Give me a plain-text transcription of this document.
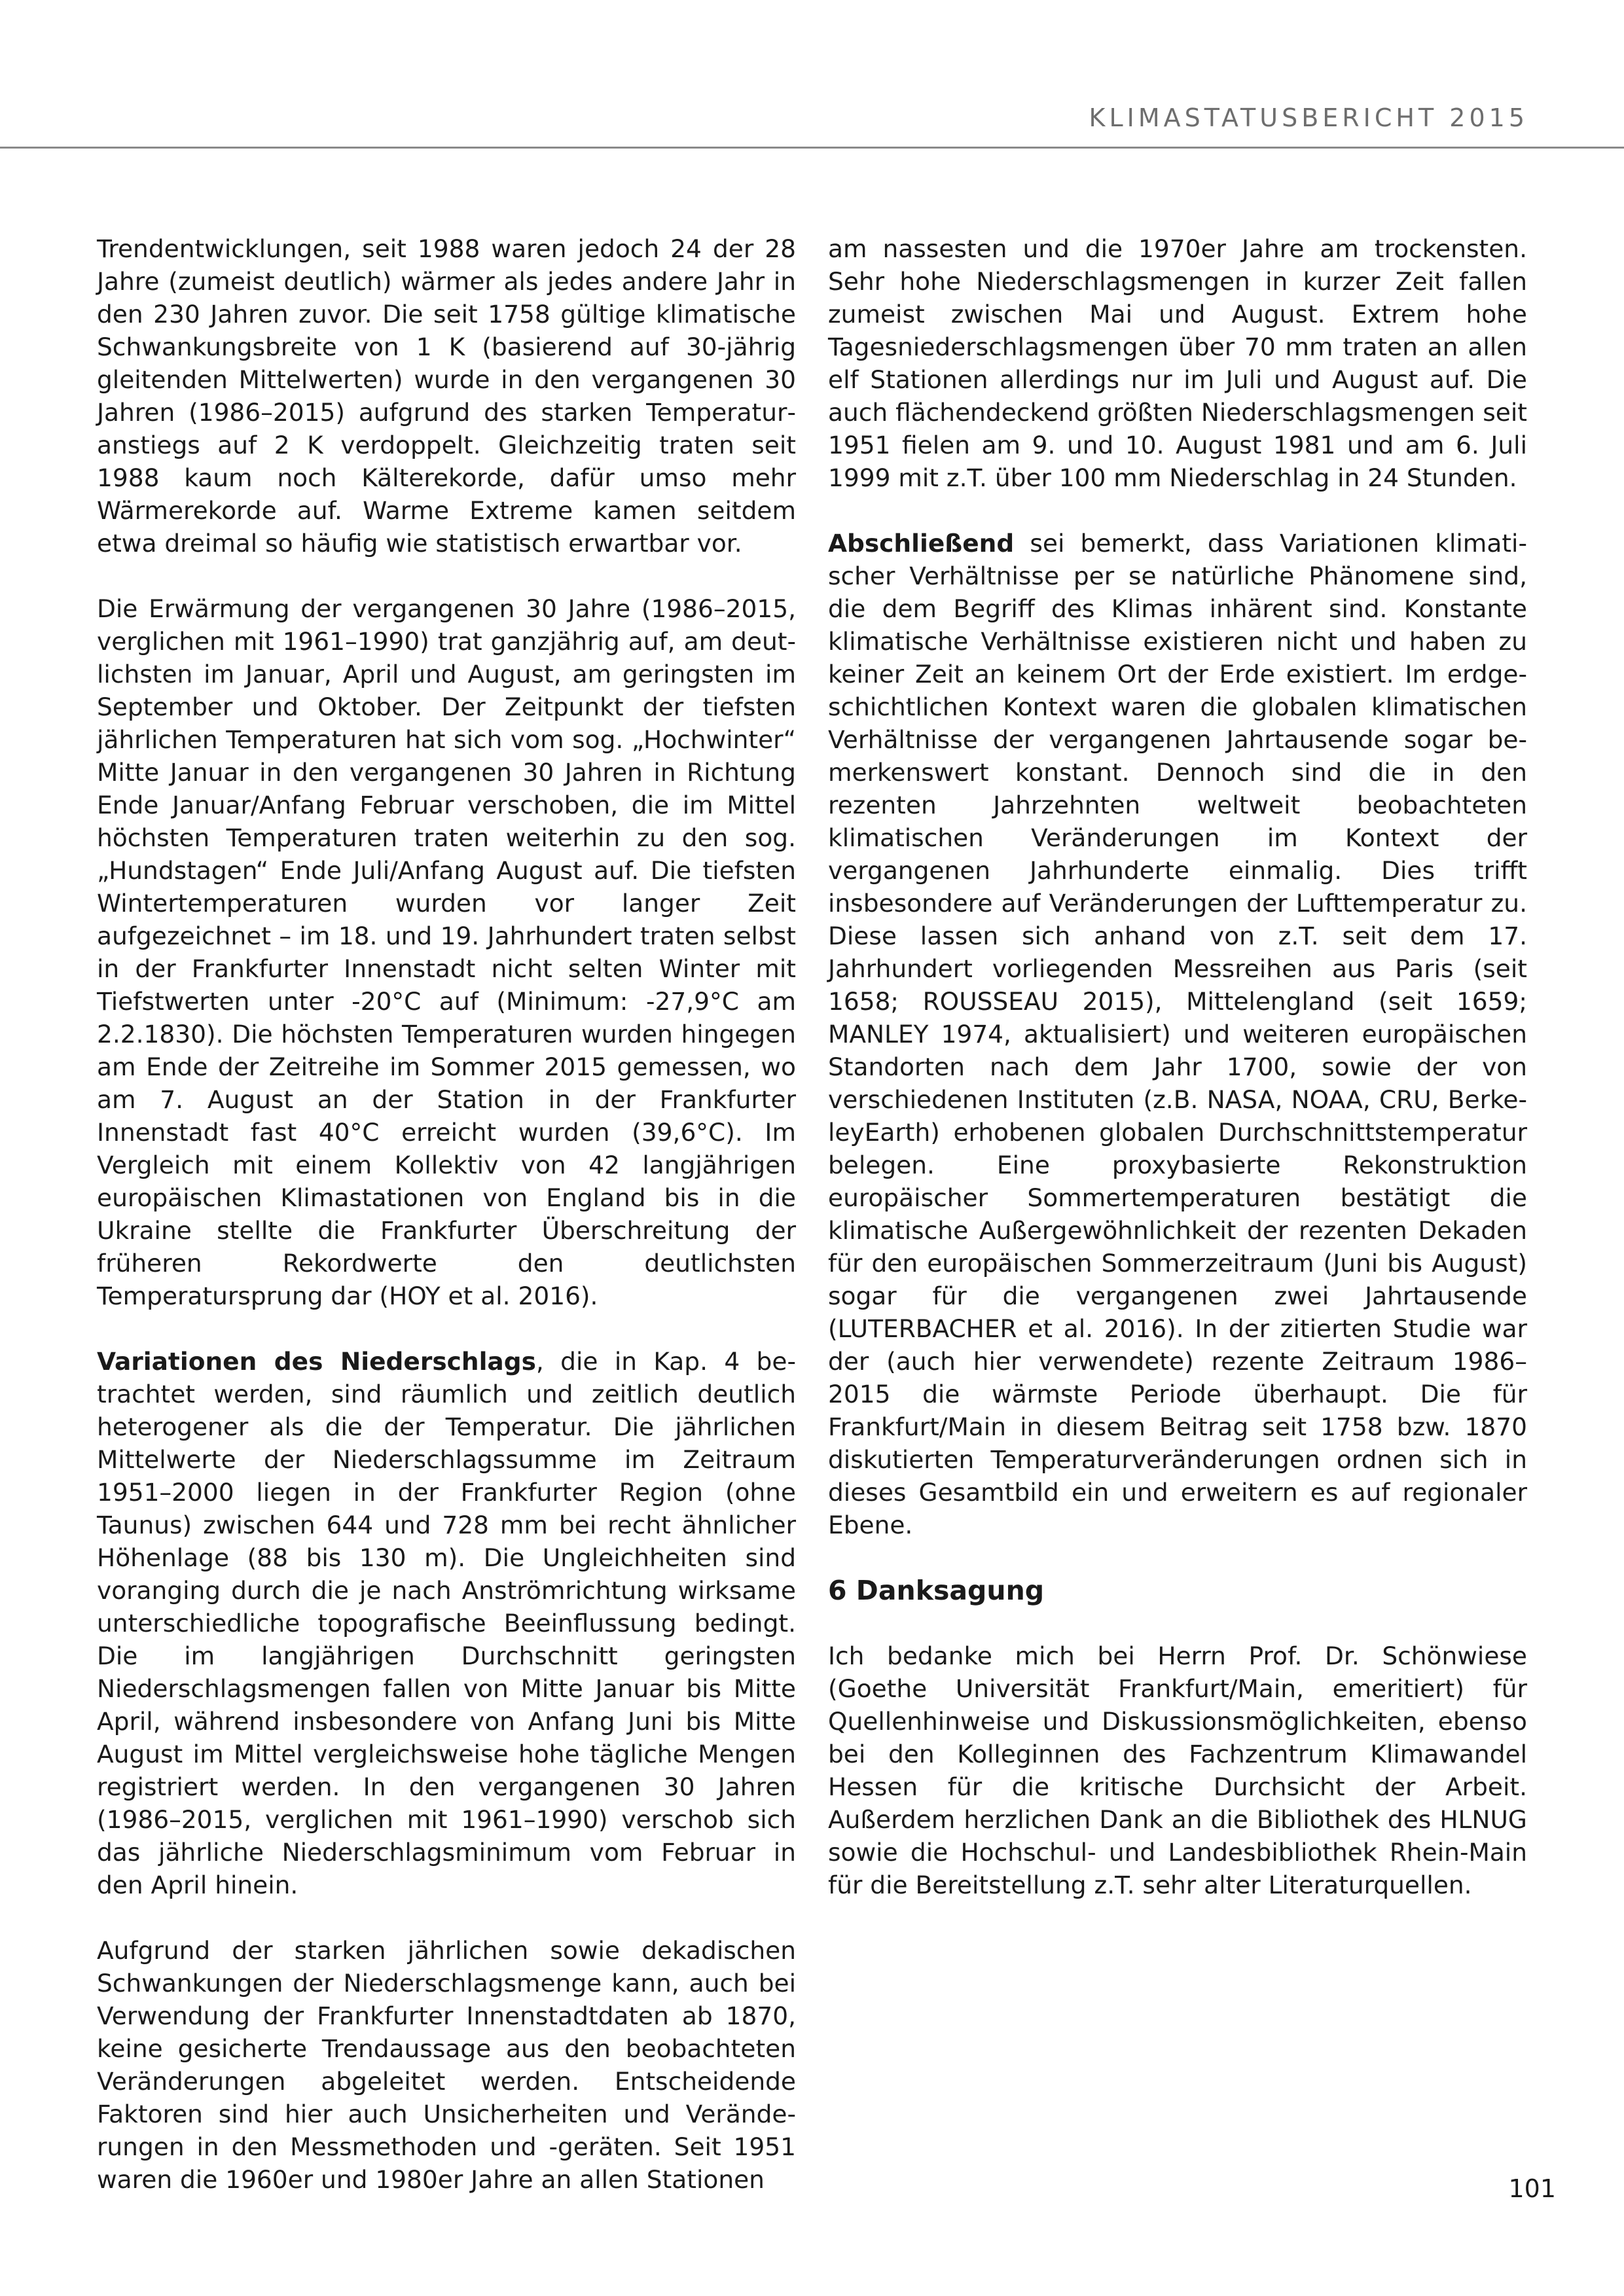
KLIMASTATUSBERICHT 2015

Trendentwicklungen, seit 1988 waren jedoch 24 der 28 Jahre (zumeist deutlich) wärmer als jedes andere Jahr in den 230 Jahren zuvor. Die seit 1758 gültige klimatische Schwankungsbreite von 1 K (basierend auf 30-jährig gleitenden Mittelwerten) wurde in den vergangenen 30 Jahren (1986–2015) aufgrund des starken Temperaturanstiegs auf 2 K verdoppelt. Gleichzeitig traten seit 1988 kaum noch Kälterekorde, dafür umso mehr Wärmerekorde auf. Warme Extreme kamen seitdem etwa dreimal so häufig wie statistisch erwartbar vor.

Die Erwärmung der vergangenen 30 Jahre (1986–2015, verglichen mit 1961–1990) trat ganzjährig auf, am deutlichsten im Januar, April und August, am geringsten im September und Oktober. Der Zeitpunkt der tiefsten jährlichen Temperaturen hat sich vom sog. „Hochwinter“ Mitte Januar in den vergangenen 30 Jahren in Richtung Ende Januar/Anfang Februar verschoben, die im Mittel höchsten Temperaturen traten weiterhin zu den sog. „Hundstagen“ Ende Juli/Anfang August auf. Die tiefsten Wintertemperaturen wurden vor langer Zeit aufgezeichnet – im 18. und 19. Jahrhundert traten selbst in der Frankfurter Innenstadt nicht selten Winter mit Tiefstwerten unter -20°C auf (Minimum: -27,9°C am 2.2.1830). Die höchsten Temperaturen wurden hingegen am Ende der Zeitreihe im Sommer 2015 gemessen, wo am 7. August an der Station in der Frankfurter Innenstadt fast 40°C erreicht wurden (39,6°C). Im Vergleich mit einem Kollektiv von 42 langjährigen europäischen Klimastationen von England bis in die Ukraine stellte die Frankfurter Überschreitung der früheren Rekordwerte den deutlichsten Temperatursprung dar (HOY et al. 2016).

Variationen des Niederschlags, die in Kap. 4 betrachtet werden, sind räumlich und zeitlich deutlich heterogener als die der Temperatur. Die jährlichen Mittelwerte der Niederschlagssumme im Zeitraum 1951–2000 liegen in der Frankfurter Region (ohne Taunus) zwischen 644 und 728 mm bei recht ähnlicher Höhenlage (88 bis 130 m). Die Ungleichheiten sind voranging durch die je nach Anströmrichtung wirksame unterschiedliche topografische Beeinflussung bedingt. Die im langjährigen Durchschnitt geringsten Niederschlagsmengen fallen von Mitte Januar bis Mitte April, während insbesondere von Anfang Juni bis Mitte August im Mittel vergleichsweise hohe tägliche Mengen registriert werden. In den vergangenen 30 Jahren (1986–2015, verglichen mit 1961–1990) verschob sich das jährliche Niederschlagsminimum vom Februar in den April hinein.

Aufgrund der starken jährlichen sowie dekadischen Schwankungen der Niederschlagsmenge kann, auch bei Verwendung der Frankfurter Innenstadtdaten ab 1870, keine gesicherte Trendaussage aus den beobachteten Veränderungen abgeleitet werden. Entscheidende Faktoren sind hier auch Unsicherheiten und Veränderungen in den Messmethoden und -geräten. Seit 1951 waren die 1960er und 1980er Jahre an allen Stationen

am nassesten und die 1970er Jahre am trockensten. Sehr hohe Niederschlagsmengen in kurzer Zeit fallen zumeist zwischen Mai und August. Extrem hohe Tagesniederschlagsmengen über 70 mm traten an allen elf Stationen allerdings nur im Juli und August auf. Die auch flächendeckend größten Niederschlagsmengen seit 1951 fielen am 9. und 10. August 1981 und am 6. Juli 1999 mit z.T. über 100 mm Niederschlag in 24 Stunden.

Abschließend sei bemerkt, dass Variationen klimatischer Verhältnisse per se natürliche Phänomene sind, die dem Begriff des Klimas inhärent sind. Konstante klimatische Verhältnisse existieren nicht und haben zu keiner Zeit an keinem Ort der Erde existiert. Im erdgeschichtlichen Kontext waren die globalen klimatischen Verhältnisse der vergangenen Jahrtausende sogar bemerkenswert konstant. Dennoch sind die in den rezenten Jahrzehnten weltweit beobachteten klimatischen Veränderungen im Kontext der vergangenen Jahrhunderte einmalig. Dies trifft insbesondere auf Veränderungen der Lufttemperatur zu. Diese lassen sich anhand von z.T. seit dem 17. Jahrhundert vorliegenden Messreihen aus Paris (seit 1658; ROUSSEAU 2015), Mittelengland (seit 1659; MANLEY 1974, aktualisiert) und weiteren europäischen Standorten nach dem Jahr 1700, sowie der von verschiedenen Instituten (z.B. NASA, NOAA, CRU, BerkeleyEarth) erhobenen globalen Durchschnittstemperatur belegen. Eine proxybasierte Rekonstruktion europäischer Sommertemperaturen bestätigt die klimatische Außergewöhnlichkeit der rezenten Dekaden für den europäischen Sommerzeitraum (Juni bis August) sogar für die vergangenen zwei Jahrtausende (LUTERBACHER et al. 2016). In der zitierten Studie war der (auch hier verwendete) rezente Zeitraum 1986–2015 die wärmste Periode überhaupt. Die für Frankfurt/Main in diesem Beitrag seit 1758 bzw. 1870 diskutierten Temperaturveränderungen ordnen sich in dieses Gesamtbild ein und erweitern es auf regionaler Ebene.

6 Danksagung

Ich bedanke mich bei Herrn Prof. Dr. Schönwiese (Goethe Universität Frankfurt/Main, emeritiert) für Quellenhinweise und Diskussionsmöglichkeiten, ebenso bei den Kolleginnen des Fachzentrum Klimawandel Hessen für die kritische Durchsicht der Arbeit. Außerdem herzlichen Dank an die Bibliothek des HLNUG sowie die Hochschul- und Landesbibliothek Rhein-Main für die Bereitstellung z.T. sehr alter Literaturquellen.

101
